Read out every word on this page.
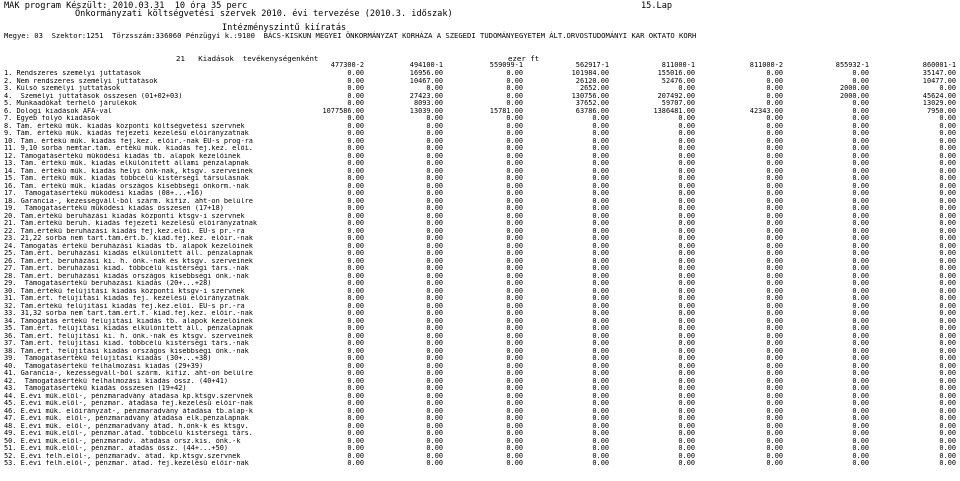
MAK program Készült: 2010.03.31  10 óra 35 perc	15.Lap
Önkormányzati költségvetési szervek 2010. évi tervezése (2010.3. időszak)
Intézményszintű kiíratás
Megye: 03  Szektor:1251  Törzsszám:336060 Pénzügyi k.:9100  BÁCS-KISKUN MEGYEI ÖNKORMÁNYZAT KORHÁZA A SZEGEDI TUDOMÁNYEGYETEM ÁLT.ORVOSTUDOMÁNYI KAR OKTATO KORH
21   Kiadások  tevékenységenként	ezer ft
	477300-2	494100-1	559099-1	562917-1	811000-1	811000-2	855932-1	860001-1
1. Rendszeres személyi juttatások	0.00	16956.00	0.00	101984.00	155016.00	0.00	0.00	35147.00
2. Nem rendszeres személyi juttatások	0.00	10467.00	0.00	26120.00	52476.00	0.00	0.00	10477.00
3. Külső személyi juttatások	0.00	0.00	0.00	2652.00	0.00	0.00	2000.00	0.00
4.  Személyi juttatások összesen (01+02+03)	0.00	27423.00	0.00	130756.00	207492.00	0.00	2000.00	45624.00
5. Munkaadókat terhelő járulékok	0.00	8093.00	0.00	37652.00	59707.00	0.00	0.00	13029.00
6. Dologi kiadások ÁFA-val	1077586.00	13039.00	15781.00	63786.00	1386481.00	42343.00	0.00	7950.00
7. Egyéb folyó kiadások	0.00	0.00	0.00	0.00	0.00	0.00	0.00	0.00
8. Tám. értékű műk. kiadás központi költségvetési szervnek	0.00	0.00	0.00	0.00	0.00	0.00	0.00	0.00
9. Tám. értékű műk. kiadás fejezeti kezelésű előirányzatnak	0.00	0.00	0.00	0.00	0.00	0.00	0.00	0.00
10. Tám. értékű műk. kiadás fej.kez. előir.-nak EU-s prog-ra	0.00	0.00	0.00	0.00	0.00	0.00	0.00	0.00
11. 9,10 sorba nemtar.tám. értékű műk. kiadás fej.kez. elői.	0.00	0.00	0.00	0.00	0.00	0.00	0.00	0.00
12. Támogatásértékű működési kiadás tb. alapok kezelőinek	0.00	0.00	0.00	0.00	0.00	0.00	0.00	0.00
13. Tám. értékű műk. kiadás elkülönített állami pénzalapnak	0.00	0.00	0.00	0.00	0.00	0.00	0.00	0.00
14. Tám. értékű műk. kiadás helyi önk-nak, ktsgv. szerveinek	0.00	0.00	0.00	0.00	0.00	0.00	0.00	0.00
15. Tám. értékű műk. kiadás többcélú kistérségi társulásnak	0.00	0.00	0.00	0.00	0.00	0.00	0.00	0.00
16. Tám. értékű műk. kiadás országos kisebbségi önkorm.-nak	0.00	0.00	0.00	0.00	0.00	0.00	0.00	0.00
17.  Támogatásértékű működési kiadás (08+...+16)	0.00	0.00	0.00	0.00	0.00	0.00	0.00	0.00
18. Garancia-, kezességváll-ból szárm. kifiz. áht-on belülre	0.00	0.00	0.00	0.00	0.00	0.00	0.00	0.00
19.  Támogatásértékű működési kiadás összesen (17+18)	0.00	0.00	0.00	0.00	0.00	0.00	0.00	0.00
20. Tám.értékű beruházási kiadás központi ktsgv-i szervnek	0.00	0.00	0.00	0.00	0.00	0.00	0.00	0.00
21. Tám.értékű beruh. kiadás fejezeti kezelésű előirányzatnak	0.00	0.00	0.00	0.00	0.00	0.00	0.00	0.00
22. Tám.értékű beruházási kiadás fej.kez.előí. EU-s pr.-ra	0.00	0.00	0.00	0.00	0.00	0.00	0.00	0.00
23. 21,22 sorba nem tart.tám.ért.b. kiad.fej.kez. előir.-nak	0.00	0.00	0.00	0.00	0.00	0.00	0.00	0.00
24. Támogatás értékű beruházási kiadás tb. alapok kezelőinek	0.00	0.00	0.00	0.00	0.00	0.00	0.00	0.00
25. Tám.ért. beruházási kiadás elkülönített áll. pénzalapnak	0.00	0.00	0.00	0.00	0.00	0.00	0.00	0.00
26. Tám.ért. beruházási ki. h. önk.-nak és ktsgv. szerveinek	0.00	0.00	0.00	0.00	0.00	0.00	0.00	0.00
27. Tám.ért. beruházási kiad. többcélú kistérségi társ.-nak	0.00	0.00	0.00	0.00	0.00	0.00	0.00	0.00
28. Tám.ért. beruházási kiadás országos kisebbségi önk.-nak	0.00	0.00	0.00	0.00	0.00	0.00	0.00	0.00
29.  Támogatásértékű beruházási kiadás (20+...+28)	0.00	0.00	0.00	0.00	0.00	0.00	0.00	0.00
30. Tám.értékű felújítási kiadás központi ktsgv-i szervnek	0.00	0.00	0.00	0.00	0.00	0.00	0.00	0.00
31. Tám.ért. felújítási kiadás fej. kezelésű előirányzatnak	0.00	0.00	0.00	0.00	0.00	0.00	0.00	0.00
32. Tám.értékű felújítási kiadás fej.kez.előí. EU-s pr.-ra	0.00	0.00	0.00	0.00	0.00	0.00	0.00	0.00
33. 31,32 sorba nem tart.tám.ért.f. kiad.fej.kez. előir.-nak	0.00	0.00	0.00	0.00	0.00	0.00	0.00	0.00
34. Támogatás értékű felújítási kiadás tb. alapok kezelőinek	0.00	0.00	0.00	0.00	0.00	0.00	0.00	0.00
35. Tám.ért. felújítási kiadás elkülönített áll. pénzalapnak	0.00	0.00	0.00	0.00	0.00	0.00	0.00	0.00
36. Tám.ért. felújítási ki. h. önk.-nak és ktsgv. szerveinek	0.00	0.00	0.00	0.00	0.00	0.00	0.00	0.00
37. Tám.ért. felújítási kiad. többcélú kistérségi társ.-nak	0.00	0.00	0.00	0.00	0.00	0.00	0.00	0.00
38. Tám.ért. felújítási kiadás országos kisebbségi önk.-nak	0.00	0.00	0.00	0.00	0.00	0.00	0.00	0.00
39.  Támogatásértékű felújítási kiadás (30+...+38)	0.00	0.00	0.00	0.00	0.00	0.00	0.00	0.00
40.  Támogatásértékű felhalmozási kiadás (29+39)	0.00	0.00	0.00	0.00	0.00	0.00	0.00	0.00
41. Garancia-, kezességváll-ból szárm. kifiz. áht-on belülre	0.00	0.00	0.00	0.00	0.00	0.00	0.00	0.00
42.  Támogatásértékű felhalmozási kiadás össz. (40+41)	0.00	0.00	0.00	0.00	0.00	0.00	0.00	0.00
43.  Támogatásértékű kiadás összesen (19+42)	0.00	0.00	0.00	0.00	0.00	0.00	0.00	0.00
44. E.évi műk.elől-, pénzmaradvány átadása kp.ktsgv.szervnek	0.00	0.00	0.00	0.00	0.00	0.00	0.00	0.00
45. E.évi műk.elől-, pénzmar. átadása fej.kezelésű előir-nak	0.00	0.00	0.00	0.00	0.00	0.00	0.00	0.00
46. E.évi műk. előirányzat-, pénzmaradvány átadása tb.alap-k	0.00	0.00	0.00	0.00	0.00	0.00	0.00	0.00
47. E.évi műk. elől-, pénzmaradvány átadása elk.pénzalapnak	0.00	0.00	0.00	0.00	0.00	0.00	0.00	0.00
48. E.évi műk. elől-, pénzmaradvány átad. h.önk-k és ktsgv.	0.00	0.00	0.00	0.00	0.00	0.00	0.00	0.00
49. E.évi műk.elől-, pénzmar.átad. többcélú kistérségi társ.	0.00	0.00	0.00	0.00	0.00	0.00	0.00	0.00
50. E.évi műk.elől-, pénzmaradv. átadása orsz.kis. önk.-k	0.00	0.00	0.00	0.00	0.00	0.00	0.00	0.00
51. E.évi műk.elől-, pénzmar. átadás össz. (44+...+50)	0.00	0.00	0.00	0.00	0.00	0.00	0.00	0.00
52. E.évi felh.elől-, pénzmaradv. átad. kp.ktsgv.szervnek	0.00	0.00	0.00	0.00	0.00	0.00	0.00	0.00
53. E.évi felh.elől-, pénzmar. átad. fej.kezelésű előir-nak	0.00	0.00	0.00	0.00	0.00	0.00	0.00	0.00
